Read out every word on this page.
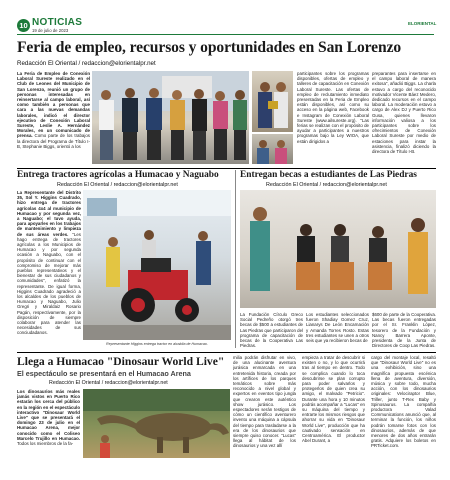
10 NOTICIAS
19 de julio de 2023
ELORIENTAL
Feria de empleo, recursos y oportunidades en San Lorenzo
Redacción El Oriental / redaccion@elorientalpr.net
La Feria de Empleo de Conexión Laboral Sureste realizado en el Club de Leones del Municipio de San Lorenzo, reunió un grupo de personas interesadas en reinsertarse al campo laboral, así como también a personas que cara a las nuevas demandas laborales, indicó el director ejecutivo de Conexión Laboral Sureste, Leslie A. Hernández Morales, en un comunicado de prensa. Como parte de los trabajos la directora del Programa de Título I-B, Stephanie Biggs, orientó a los
participantes sobre los programas disponibles, ofertas de empleo y talleres de capacitación en Conexión Laboral Sureste. Las ofertas de empleo de reclutamiento inmediato presentadas en la Feria de Empleo están disponibles, así como su acceso en la página web, Facebook e Instagram de Conexión Laboral Sureste (www.ailsureste.org). "Las ferias se realizan con el propósito de ayudar a participantes a nuestros programas bajo la Ley WIOA, que están dirigidos a
preparantes para insertarse en el campo laboral de manera exitosa", añadió Biggs. La charla estuvo a cargo del reconocido motivador Vicente Báez Medero, dedicado recursos en el campo laboral. La moderación estuvo a cargo de Alex DJ y Puerto Rico Gusa, quienes llevaron información valiosa a los participantes sobre los ofrecimientos de Conexión Laboral Sureste por medio de estaciones para instar la asistencia, finalizó diciendo la directora de Título I-B.
Entrega tractores agrícolas a Humacao y Naguabo
Redacción El Oriental / redaccion@elorientalpr.net
La Representante del Distrito 35, Sol Y. Higgins Cuadrado, hizo entrega de tractores agrícolas 4x4 al municipio de Humacao y por segunda vez, a Naguabo; el tuvo ayuda, para apoyarles en los trabajos de mantenimiento y limpieza de sus áreas verdes. "Les hago entrega de tractores agrícolas a los Municipios de Humacao y por segunda ocasión a Naguabo, con el propósito de continuar con el compromiso de mejorar más pueblos representativos y el bienestar de sus ciudadanos y comunidades", enfatizó la representante. De igual forma, Higgins Cuadrado agradeció a los alcaldes de los pueblos de Humacao y Naguabo, Julio Gregri y Miraldaiz Rosario Pagán, respectivamente, por la disposición de siempre colaborar para atender las necesidades de sus conciudadanos.
Representante Higgins entrega tractor en alcaldía de Humacao.
Entregan becas a estudiantes de Las Piedras
Redacción El Oriental / redaccion@elorientalpr.net
La Fundación Círculo Greco Social Pedreño otorgó tres becas de $500 a estudiantes de Las Piedras que participaron del programa de capacitación de becas de la Cooperativa Las Piedras.
Los estudiantes seleccionados fueron Shadiay Gomez Cruz, Lianarys De León Encarnación y Amanda Torres Rosto. Estas tres estudiantes se unen a otros seis que ya recibieron becas de
$600 de parte de la Cooperativa. Las becas fueron entregadas por el Sr. Franklin López, tesorero de la Fundación y Nancy Barrera Aponte, presidenta de la Junta de Directores de Coop Las Piedras.
Llega a Humacao "Dinosaur World Live"
El espectáculo se presentará en el Humacao Arena
Redacción El Oriental / redaccion@elorientalpr.net
Los dinosaurios más reales jamás vistos en Puerto Rico estarán los cerca del público en la región en el espectáculo interactivo "Dinosaur World Live" que se presentará el domingo 23 de julio en el Humacao Arena, mejor conocido como el Coliseo Marcelo Trujillo en Humacao. Todos los miembros de la fa-
milia podrán disfrutar en vivo, de una alucinante aventura jurásica enmarcada en una entretenida historia, creada por los artífices de los parques temáticos sobre más reconocido a nivel global y expertos en eventos tipo jungla que crearon este auténtico show jurásico. Los espectadores serán testigos de cómo un científico aventurero invento una máquina a cápsula del tiempo para trasladarse a la era de los dinosaurios que siempre quiso conocer. "Lucas" llega al hábitat de los dinosaurios y una vez allí
empieza a tratar de descubrir si existen o no, y lo que ocurrirá tras al tiempo en dentro. Todo se complica cuando lo toca descubrirse se plan corrupto para poder salvarlos y protegerlos de quien crea su amigo, el malvado "Petricio". Durante una hora y 10 minutos podrás acompañar a "Lucas" en su máquina del tiempo y entrarte los mismos riesgos que ahorrar su vida en "Dinosaur World Live", producción que ha cautivado sensación en Centroamérica. El productor Abel Durant, a
cargo del montaje local, resaltó que "Dinosaur World Live" no es una exhibición, sino una magnífica propuesta escénica llena de aventura, diversión, música y sobre todo, mucha acción, con los dinosaurios originales: Velociraptor Blue, Triller, junto T-Rex Baby y Spinosaurus. La compañía productora Valad Communications anunció que, al terminar la función, los niños podrán tomarse fotos con los dinosaurios, además de que menores de dos años entrarán gratis. Adquiere los boletos en PRTicket.com.
